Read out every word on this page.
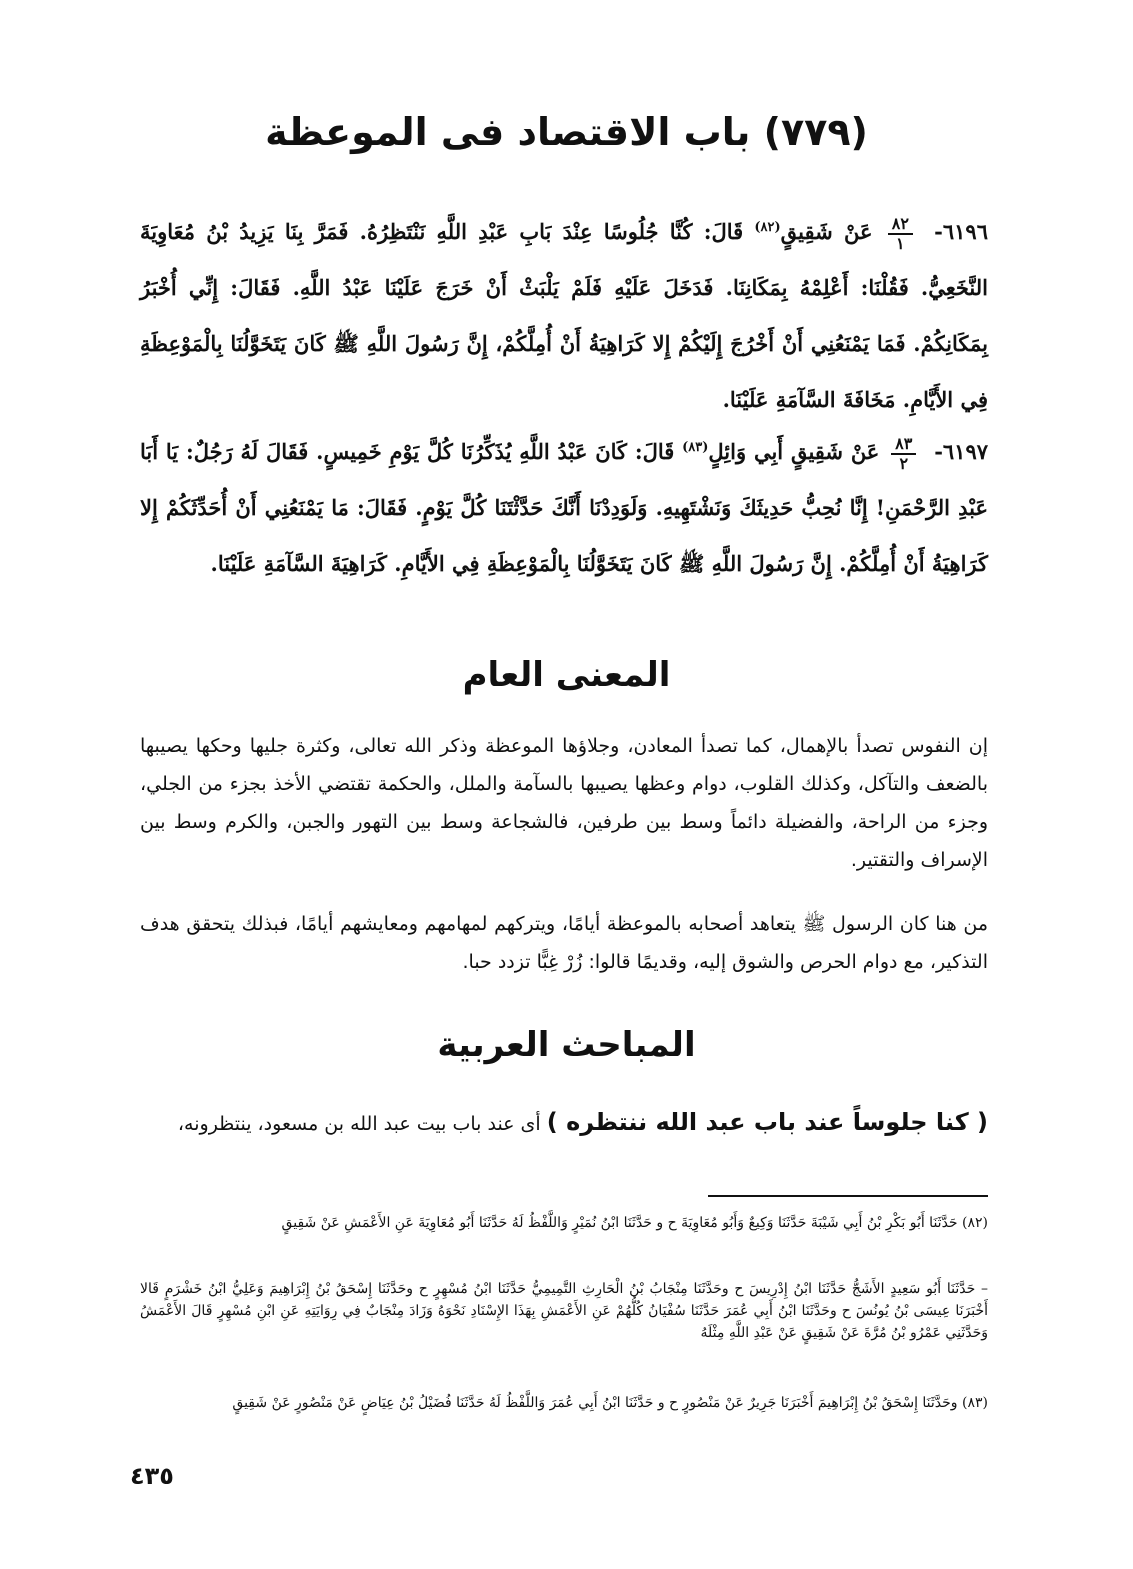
(٧٧٩) باب الاقتصاد فى الموعظة
٦١٩٦-
$\frac{٨٢}{١}$
عَنْ شَقِيقٍ$^{(٨٢)}$ قَالَ: كُنَّا جُلُوسًا عِنْدَ بَابِ عَبْدِ اللَّهِ نَنْتَظِرُهُ. فَمَرَّ بِنَا يَزِيدُ بْنُ مُعَاوِيَةَ النَّخَعِيُّ. فَقُلْنَا: أَعْلِمْهُ بِمَكَانِنَا. فَدَخَلَ عَلَيْهِ فَلَمْ يَلْبَثْ أَنْ خَرَجَ عَلَيْنَا عَبْدُ اللَّهِ. فَقَالَ: إِنِّي أُخْبَرُ بِمَكَانِكُمْ. فَمَا يَمْنَعُنِي أَنْ أَخْرُجَ إِلَيْكُمْ إِلا كَرَاهِيَةُ أَنْ أُمِلَّكُمْ، إِنَّ رَسُولَ اللَّهِ ﷺ كَانَ يَتَخَوَّلُنَا بِالْمَوْعِظَةِ فِي الأَيَّامِ. مَخَافَةَ السَّآمَةِ عَلَيْنَا.
٦١٩٧-
$\frac{٨٣}{٢}$
عَنْ شَقِيقٍ أَبِي وَائِلٍ$^{(٨٣)}$ قَالَ: كَانَ عَبْدُ اللَّهِ يُذَكِّرُنَا كُلَّ يَوْمِ خَمِيسٍ. فَقَالَ لَهُ رَجُلٌ: يَا أَبَا عَبْدِ الرَّحْمَنِ! إِنَّا نُحِبُّ حَدِيثَكَ وَنَشْتَهِيهِ. وَلَوَدِدْنَا أَنَّكَ حَدَّثْتَنَا كُلَّ يَوْمٍ. فَقَالَ: مَا يَمْنَعُنِي أَنْ أُحَدِّثَكُمْ إِلا كَرَاهِيَةُ أَنْ أُمِلَّكُمْ. إِنَّ رَسُولَ اللَّهِ ﷺ كَانَ يَتَخَوَّلُنَا بِالْمَوْعِظَةِ فِي الأَيَّامِ. كَرَاهِيَةَ السَّآمَةِ عَلَيْنَا.
المعنى العام
إن النفوس تصدأ بالإهمال، كما تصدأ المعادن، وجلاؤها الموعظة وذكر الله تعالى، وكثرة جليها وحكها يصيبها بالضعف والتآكل، وكذلك القلوب، دوام وعظها يصيبها بالسآمة والملل، والحكمة تقتضي الأخذ بجزء من الجلي، وجزء من الراحة، والفضيلة دائماً وسط بين طرفين، فالشجاعة وسط بين التهور والجبن، والكرم وسط بين الإسراف والتقتير.
من هنا كان الرسول ﷺ يتعاهد أصحابه بالموعظة أيامًا، ويتركهم لمهامهم ومعايشهم أيامًا، فبذلك يتحقق هدف التذكير، مع دوام الحرص والشوق إليه، وقديمًا قالوا: زُرْ غِبًّا تزدد حبا.
المباحث العربية
( كنا جلوساً عند باب عبد الله ننتظره ) أى عند باب بيت عبد الله بن مسعود، ينتظرونه،
(٨٢) حَدَّثَنَا أَبُو بَكْرِ بْنُ أَبِي شَيْبَةَ حَدَّثَنَا وَكِيعٌ وَأَبُو مُعَاوِيَةَ ح و حَدَّثَنَا ابْنُ نُمَيْرٍ وَاللَّفْظُ لَهُ حَدَّثَنَا أَبُو مُعَاوِيَةَ عَنِ الأَعْمَشِ عَنْ شَقِيقٍ
– حَدَّثَنَا أَبُو سَعِيدٍ الأَشَجُّ حَدَّثَنَا ابْنُ إِدْرِيسَ ح وحَدَّثَنَا مِنْجَابُ بْنُ الْحَارِثِ التَّمِيمِيُّ حَدَّثَنَا ابْنُ مُسْهِرٍ ح وحَدَّثَنَا إِسْحَقُ بْنُ إِبْرَاهِيمَ وَعَلِيُّ ابْنُ خَشْرَمٍ قَالا أَخْبَرَنَا عِيسَى بْنُ يُونُسَ ح وحَدَّثَنَا ابْنُ أَبِي عُمَرَ حَدَّثَنَا سُفْيَانُ كُلُّهُمْ عَنِ الأَعْمَشِ بِهَذَا الإِسْنَادِ نَحْوَهُ وَزَادَ مِنْجَابٌ فِي رِوَايَتِهِ عَنِ ابْنِ مُسْهِرٍ قَالَ الأَعْمَشُ وَحَدَّثَنِي عَمْرُو بْنُ مُرَّةَ عَنْ شَقِيقٍ عَنْ عَبْدِ اللَّهِ مِثْلَهُ
(٨٣) وحَدَّثَنَا إِسْحَقُ بْنُ إِبْرَاهِيمَ أَخْبَرَنَا جَرِيرٌ عَنْ مَنْصُورٍ ح و حَدَّثَنَا ابْنُ أَبِي عُمَرَ وَاللَّفْظُ لَهُ حَدَّثَنَا فُضَيْلُ بْنُ عِيَاضٍ عَنْ مَنْصُورٍ عَنْ شَقِيقٍ
٤٣٥
